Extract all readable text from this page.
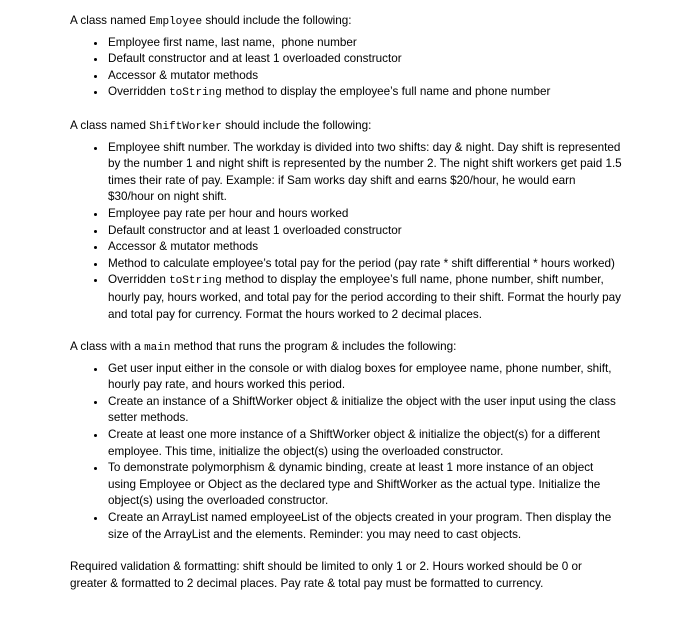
A class named Employee should include the following:

• Employee first name, last name,  phone number
• Default constructor and at least 1 overloaded constructor
• Accessor & mutator methods
• Overridden toString method to display the employee’s full name and phone number

A class named ShiftWorker should include the following:

• Employee shift number. The workday is divided into two shifts: day & night. Day shift is represented by the number 1 and night shift is represented by the number 2. The night shift workers get paid 1.5 times their rate of pay. Example: if Sam works day shift and earns $20/hour, he would earn $30/hour on night shift.
• Employee pay rate per hour and hours worked
• Default constructor and at least 1 overloaded constructor
• Accessor & mutator methods
• Method to calculate employee’s total pay for the period (pay rate * shift differential * hours worked)
• Overridden toString method to display the employee’s full name, phone number, shift number, hourly pay, hours worked, and total pay for the period according to their shift. Format the hourly pay and total pay for currency. Format the hours worked to 2 decimal places.

A class with a main method that runs the program & includes the following:

• Get user input either in the console or with dialog boxes for employee name, phone number, shift, hourly pay rate, and hours worked this period.
• Create an instance of a ShiftWorker object & initialize the object with the user input using the class setter methods.
• Create at least one more instance of a ShiftWorker object & initialize the object(s) for a different employee. This time, initialize the object(s) using the overloaded constructor.
• To demonstrate polymorphism & dynamic binding, create at least 1 more instance of an object using Employee or Object as the declared type and ShiftWorker as the actual type. Initialize the object(s) using the overloaded constructor.
• Create an ArrayList named employeeList of the objects created in your program. Then display the size of the ArrayList and the elements. Reminder: you may need to cast objects.

Required validation & formatting: shift should be limited to only 1 or 2. Hours worked should be 0 or greater & formatted to 2 decimal places. Pay rate & total pay must be formatted to currency.
